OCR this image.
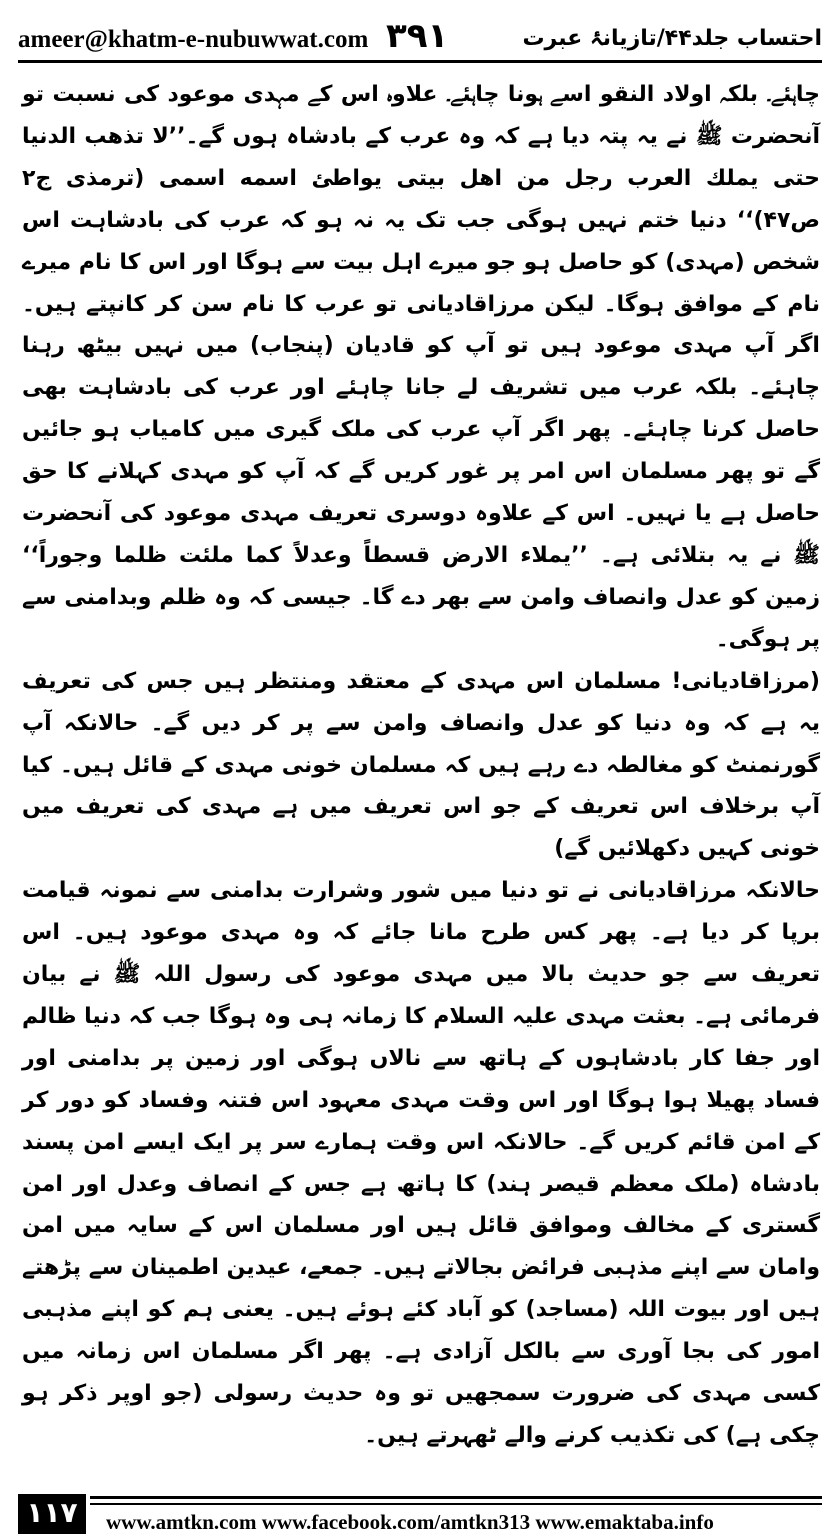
ameer@khatm-e-nubuwwat.com ۳۹۱	احتساب جلد۴۴/تازیانۂ عبرت

چاہئے۔ بلکہ اولاد النقو اسے ہونا چاہئے۔ علاوہ اس کے مہدی موعود کی نسبت تو آنحضرت ﷺ نے یہ پتہ دیا ہے کہ وہ عرب کے بادشاہ ہوں گے۔’’لا تذهب الدنيا حتى يملك العرب رجل من اهل بيتى يواطئ اسمه اسمى (ترمذى ج۲ ص۴۷)‘‘ دنیا ختم نہیں ہوگی جب تک یہ نہ ہو کہ عرب کی بادشاہت اس شخص (مہدی) کو حاصل ہو جو میرے اہل بیت سے ہوگا اور اس کا نام میرے نام کے موافق ہوگا۔ لیکن مرزاقادیانی تو عرب کا نام سن کر کانپتے ہیں۔ اگر آپ مہدی موعود ہیں تو آپ کو قادیان (پنجاب) میں نہیں بیٹھ رہنا چاہئے۔ بلکہ عرب میں تشریف لے جانا چاہئے اور عرب کی بادشاہت بھی حاصل کرنا چاہئے۔ پھر اگر آپ عرب کی ملک گیری میں کامیاب ہو جائیں گے تو پھر مسلمان اس امر پر غور کریں گے کہ آپ کو مہدی کہلانے کا حق حاصل ہے یا نہیں۔ اس کے علاوہ دوسری تعریف مہدی موعود کی آنحضرت ﷺ نے یہ بتلائی ہے۔ ’’يملاء الارض قسطاً وعدلاً كما ملئت ظلما وجوراً‘‘ زمین کو عدل وانصاف وامن سے بھر دے گا۔ جیسی کہ وہ ظلم وبدامنی سے پر ہوگی۔

(مرزاقادیانی! مسلمان اس مہدی کے معتقد ومنتظر ہیں جس کی تعریف یہ ہے کہ وہ دنیا کو عدل وانصاف وامن سے پر کر دیں گے۔ حالانکہ آپ گورنمنٹ کو مغالطہ دے رہے ہیں کہ مسلمان خونی مہدی کے قائل ہیں۔ کیا آپ برخلاف اس تعریف کے جو اس تعریف میں ہے مہدی کی تعریف میں خونی کہیں دکھلائیں گے)

حالانکہ مرزاقادیانی نے تو دنیا میں شور وشرارت بدامنی سے نمونہ قیامت برپا کر دیا ہے۔ پھر کس طرح مانا جائے کہ وہ مہدی موعود ہیں۔ اس تعریف سے جو حدیث بالا میں مہدی موعود کی رسول اللہ ﷺ نے بیان فرمائی ہے۔ بعثت مہدی علیہ السلام کا زمانہ ہی وہ ہوگا جب کہ دنیا ظالم اور جفا کار بادشاہوں کے ہاتھ سے نالاں ہوگی اور زمین پر بدامنی اور فساد پھیلا ہوا ہوگا اور اس وقت مہدی معہود اس فتنہ وفساد کو دور کر کے امن قائم کریں گے۔ حالانکہ اس وقت ہمارے سر پر ایک ایسے امن پسند بادشاہ (ملک معظم قیصر ہند) کا ہاتھ ہے جس کے انصاف وعدل اور امن گستری کے مخالف وموافق قائل ہیں اور مسلمان اس کے سایہ میں امن وامان سے اپنے مذہبی فرائض بجالاتے ہیں۔ جمعے، عیدین اطمینان سے پڑھتے ہیں اور بیوت اللہ (مساجد) کو آباد کئے ہوئے ہیں۔ یعنی ہم کو اپنے مذہبی امور کی بجا آوری سے بالکل آزادی ہے۔ پھر اگر مسلمان اس زمانہ میں کسی مہدی کی ضرورت سمجھیں تو وہ حدیث رسولی (جو اوپر ذکر ہو چکی ہے) کی تکذیب کرنے والے ٹھہرتے ہیں۔

۱۱۷	www.amtkn.com www.facebook.com/amtkn313 www.emaktaba.info
